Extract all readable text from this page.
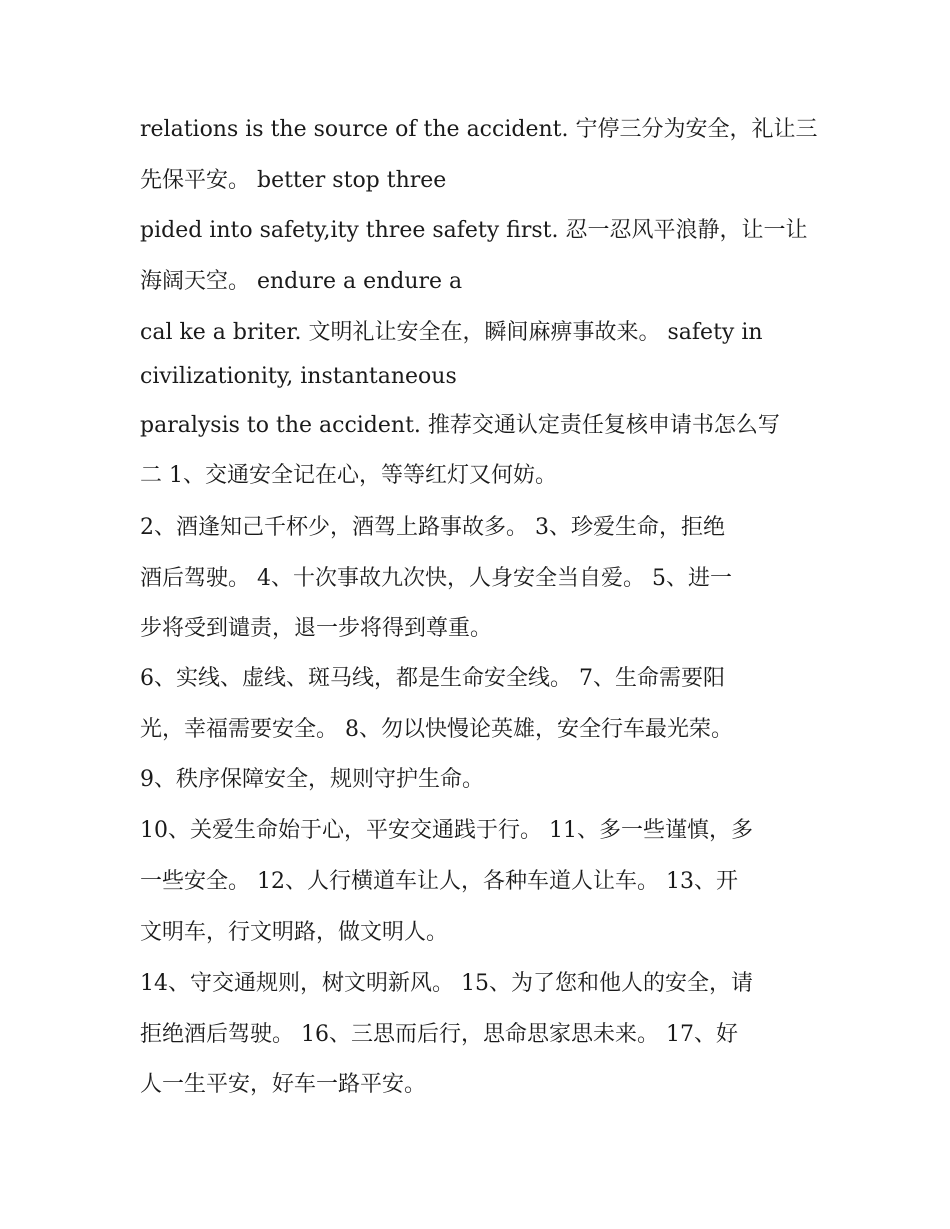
relations is the source of the accident. 宁停三分为安全，礼让三

先保平安。 better stop three

pided into safety,ity three safety first. 忍一忍风平浪静，让一让

海阔天空。 endure a endure a

cal ke a briter. 文明礼让安全在，瞬间麻痹事故来。 safety in

civilizationity, instantaneous

paralysis to the accident. 推荐交通认定责任复核申请书怎么写

二 1、交通安全记在心，等等红灯又何妨。

2、酒逢知己千杯少，酒驾上路事故多。 3、珍爱生命，拒绝

酒后驾驶。 4、十次事故九次快，人身安全当自爱。 5、进一

步将受到谴责，退一步将得到尊重。

6、实线、虚线、斑马线，都是生命安全线。 7、生命需要阳

光，幸福需要安全。 8、勿以快慢论英雄，安全行车最光荣。

9、秩序保障安全，规则守护生命。

10、关爱生命始于心，平安交通践于行。 11、多一些谨慎，多

一些安全。 12、人行横道车让人，各种车道人让车。 13、开

文明车，行文明路，做文明人。

14、守交通规则，树文明新风。 15、为了您和他人的安全，请

拒绝酒后驾驶。 16、三思而后行，思命思家思未来。 17、好

人一生平安，好车一路平安。
